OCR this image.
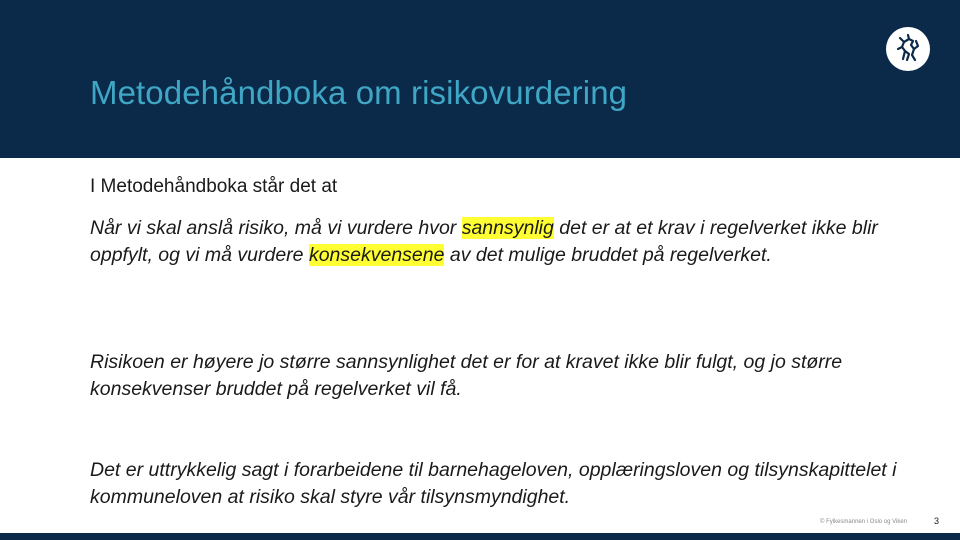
Metodehåndboka om risikovurdering
I Metodehåndboka står det at

Når vi skal anslå risiko, må vi vurdere hvor sannsynlig det er at et krav i regelverket ikke blir oppfylt, og vi må vurdere konsekvensene av det mulige bruddet på regelverket.

Risikoen er høyere jo større sannsynlighet det er for at kravet ikke blir fulgt, og jo større konsekvenser bruddet på regelverket vil få.

Det er uttrykkelig sagt i forarbeidene til barnehageloven, opplæringsloven og tilsynskapittelet i kommuneloven at risiko skal styre vår tilsynsmyndighet.

© Fylkesmannen i Oslo og Viken	3
